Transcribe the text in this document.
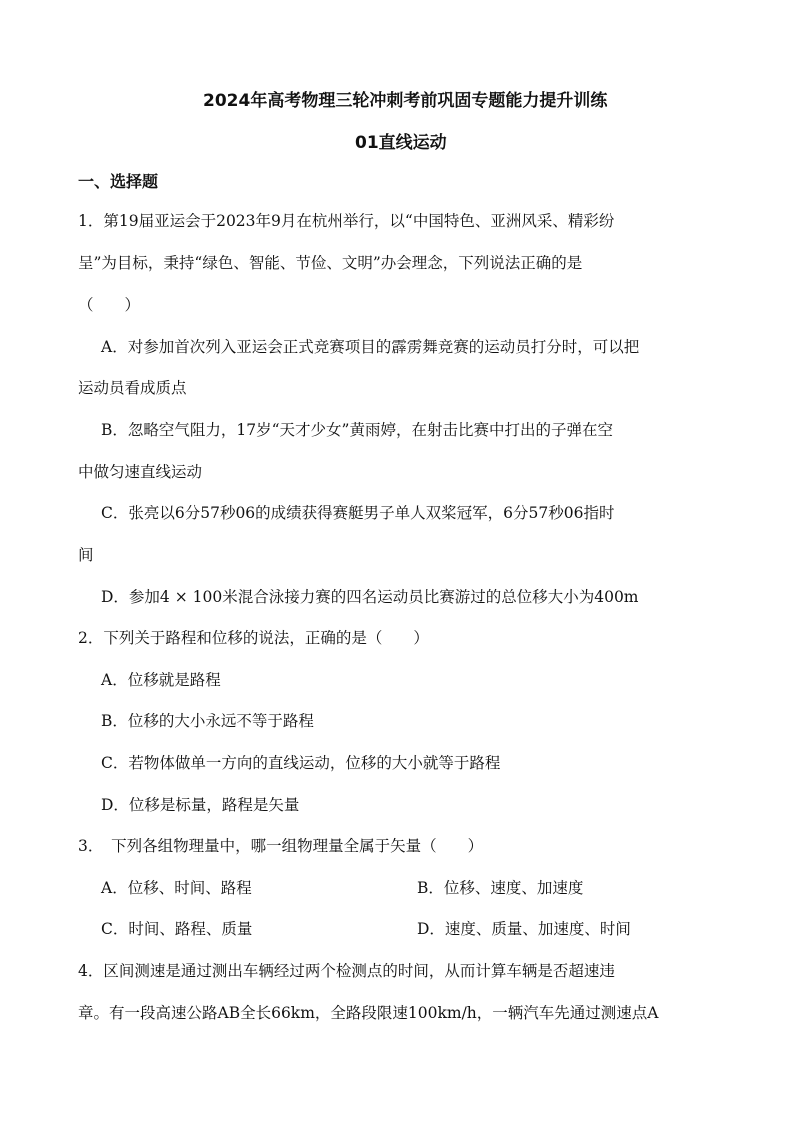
2024年高考物理三轮冲刺考前巩固专题能力提升训练
01直线运动
一、选择题
1．第19届亚运会于2023年9月在杭州举行，以“中国特色、亚洲风采、精彩纷
呈”为目标，秉持“绿色、智能、节俭、文明”办会理念，下列说法正确的是
（　　）
A．对参加首次列入亚运会正式竞赛项目的霹雳舞竞赛的运动员打分时，可以把
运动员看成质点
B．忽略空气阻力，17岁“天才少女”黄雨婷，在射击比赛中打出的子弹在空
中做匀速直线运动
C．张亮以6分57秒06的成绩获得赛艇男子单人双桨冠军，6分57秒06指时
间
D．参加4 × 100米混合泳接力赛的四名运动员比赛游过的总位移大小为400m
2．下列关于路程和位移的说法，正确的是（　　）
A．位移就是路程
B．位移的大小永远不等于路程
C．若物体做单一方向的直线运动，位移的大小就等于路程
D．位移是标量，路程是矢量
3．　下列各组物理量中，哪一组物理量全属于矢量（　　）
A．位移、时间、路程	B．位移、速度、加速度
C．时间、路程、质量	D．速度、质量、加速度、时间
4．区间测速是通过测出车辆经过两个检测点的时间，从而计算车辆是否超速违
章。有一段高速公路AB全长66km，全路段限速100km/h，一辆汽车先通过测速点A
